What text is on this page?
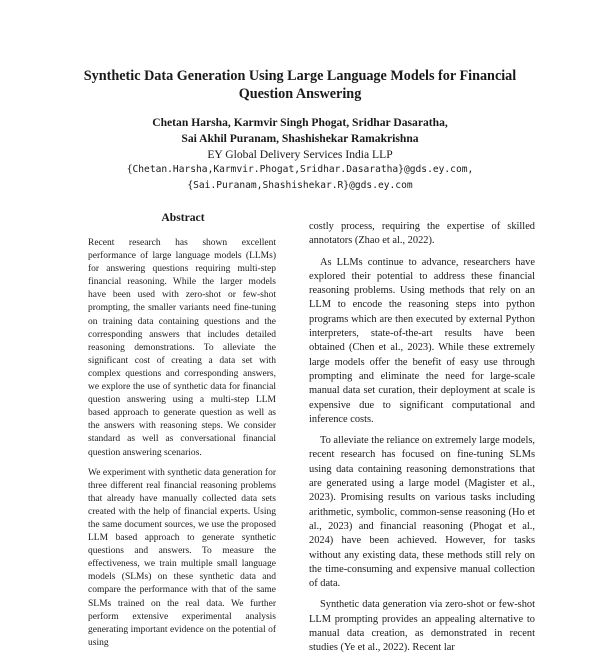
Synthetic Data Generation Using Large Language Models for Financial Question Answering
Chetan Harsha, Karmvir Singh Phogat, Sridhar Dasaratha,
Sai Akhil Puranam, Shashishekar Ramakrishna
EY Global Delivery Services India LLP
{Chetan.Harsha,Karmvir.Phogat,Sridhar.Dasaratha}@gds.ey.com,
{Sai.Puranam,Shashishekar.R}@gds.ey.com
Abstract

Recent research has shown excellent performance of large language models (LLMs) for answering questions requiring multi-step financial reasoning. While the larger models have been used with zero-shot or few-shot prompting, the smaller variants need fine-tuning on training data containing questions and the corresponding answers that includes detailed reasoning demonstrations. To alleviate the significant cost of creating a data set with complex questions and corresponding answers, we explore the use of synthetic data for financial question answering using a multi-step LLM based approach to generate question as well as the answers with reasoning steps. We consider standard as well as conversational financial question answering scenarios.

We experiment with synthetic data generation for three different real financial reasoning problems that already have manually collected data sets created with the help of financial experts. Using the same document sources, we use the proposed LLM based approach to generate synthetic questions and answers. To measure the effectiveness, we train multiple small language models (SLMs) on these synthetic data and compare the performance with that of the same SLMs trained on the real data. We further perform extensive experimental analysis generating important evidence on the potential of using

costly process, requiring the expertise of skilled annotators (Zhao et al., 2022).

As LLMs continue to advance, researchers have explored their potential to address these financial reasoning problems. Using methods that rely on an LLM to encode the reasoning steps into python programs which are then executed by external Python interpreters, state-of-the-art results have been obtained (Chen et al., 2023). While these extremely large models offer the benefit of easy use through prompting and eliminate the need for large-scale manual data set curation, their deployment at scale is expensive due to significant computational and inference costs.

To alleviate the reliance on extremely large models, recent research has focused on fine-tuning SLMs using data containing reasoning demonstrations that are generated using a large model (Magister et al., 2023). Promising results on various tasks including arithmetic, symbolic, common-sense reasoning (Ho et al., 2023) and financial reasoning (Phogat et al., 2024) have been achieved. However, for tasks without any existing data, these methods still rely on the time-consuming and expensive manual collection of data.

Synthetic data generation via zero-shot or few-shot LLM prompting provides an appealing alternative to manual data creation, as demonstrated in recent studies (Ye et al., 2022). Recent lar
